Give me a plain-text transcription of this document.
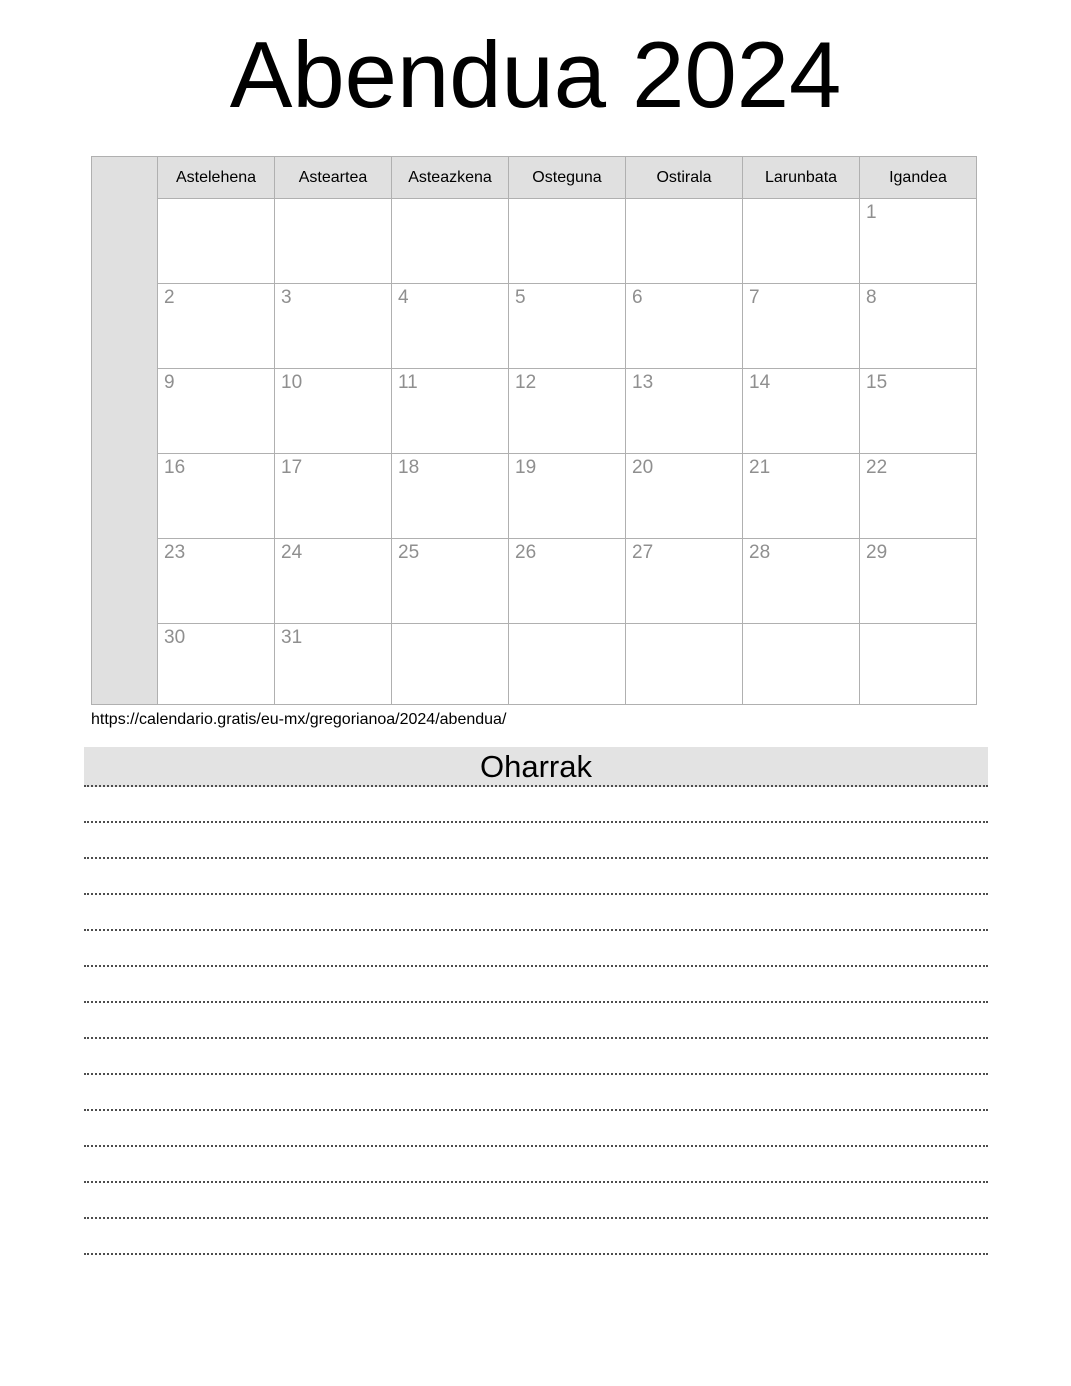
Abendua 2024
	Astelehena	Asteartea	Asteazkena	Osteguna	Ostirala	Larunbata	Igandea
							1
	2	3	4	5	6	7	8
	9	10	11	12	13	14	15
	16	17	18	19	20	21	22
	23	24	25	26	27	28	29
	30	31					
https://calendario.gratis/eu-mx/gregorianoa/2024/abendua/
Oharrak
